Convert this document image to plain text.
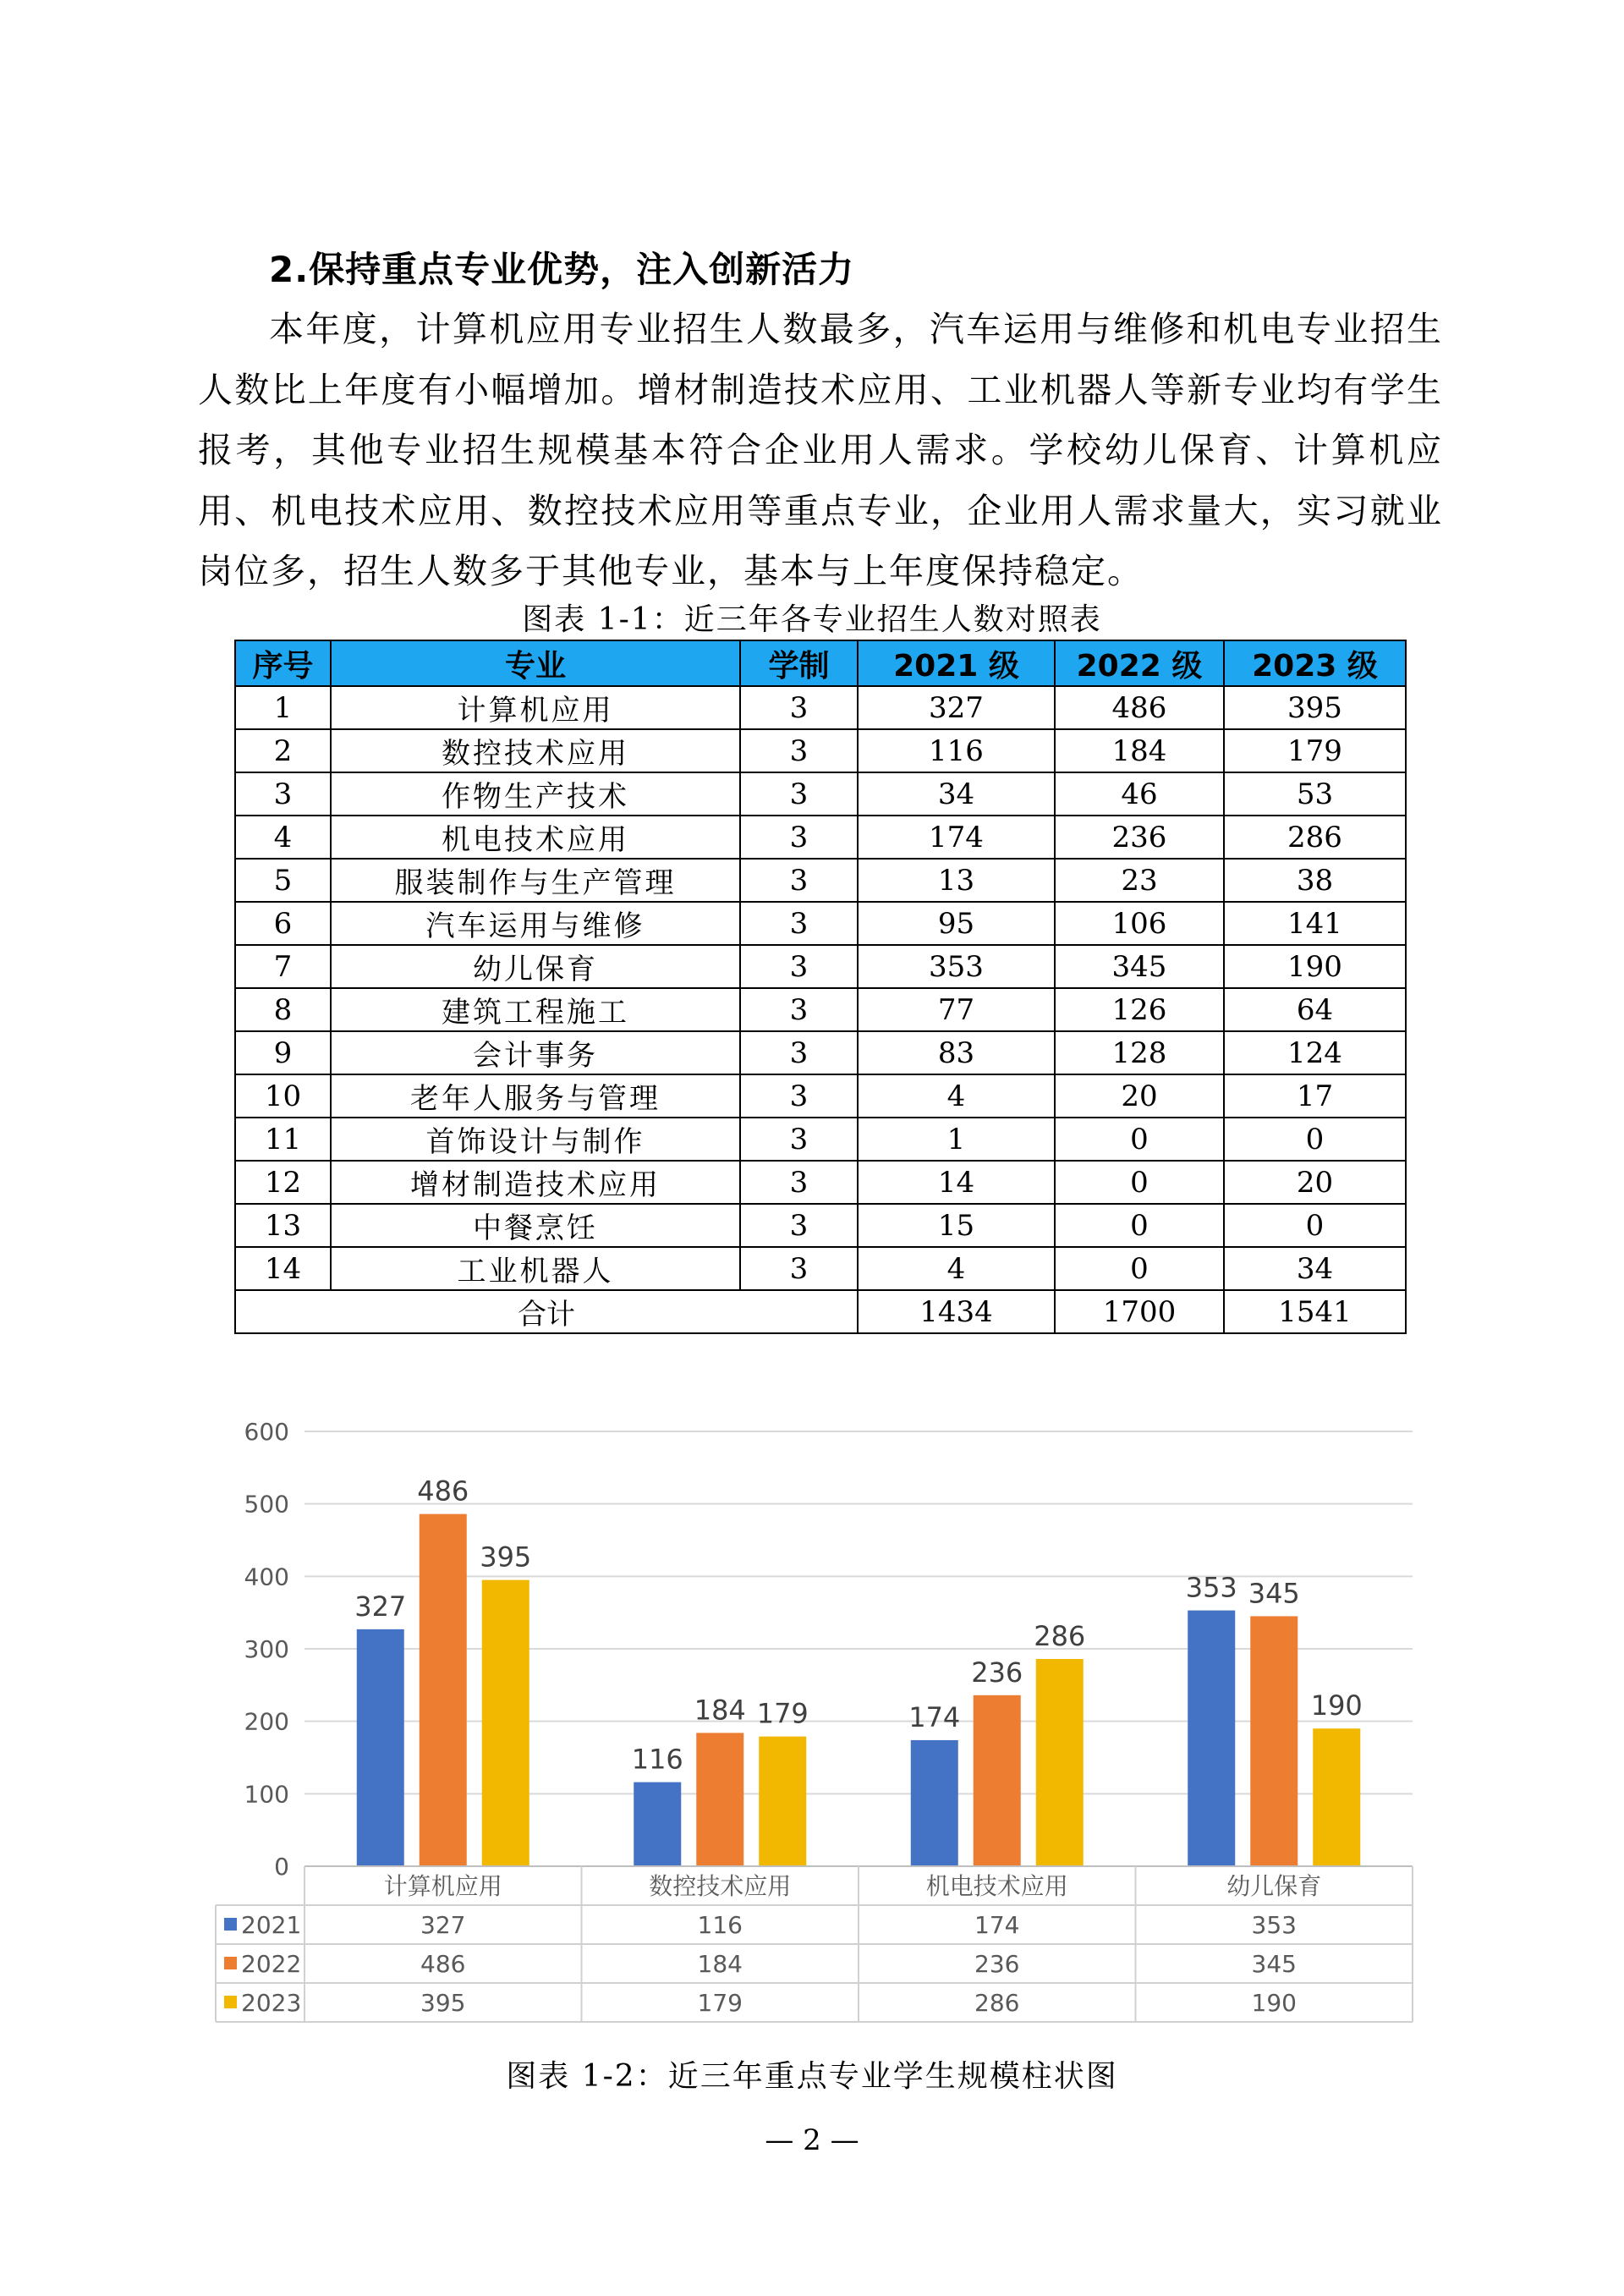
2.保持重点专业优势，注入创新活力

本年度，计算机应用专业招生人数最多，汽车运用与维修和机电专业招生人数比上年度有小幅增加。增材制造技术应用、工业机器人等新专业均有学生报考，其他专业招生规模基本符合企业用人需求。学校幼儿保育、计算机应用、机电技术应用、数控技术应用等重点专业，企业用人需求量大，实习就业岗位多，招生人数多于其他专业，基本与上年度保持稳定。

图表 1-1：近三年各专业招生人数对照表
序号	专业	学制	2021 级	2022 级	2023 级
1	计算机应用	3	327	486	395
2	数控技术应用	3	116	184	179
3	作物生产技术	3	34	46	53
4	机电技术应用	3	174	236	286
5	服装制作与生产管理	3	13	23	38
6	汽车运用与维修	3	95	106	141
7	幼儿保育	3	353	345	190
8	建筑工程施工	3	77	126	64
9	会计事务	3	83	128	124
10	老年人服务与管理	3	4	20	17
11	首饰设计与制作	3	1	0	0
12	增材制造技术应用	3	14	0	20
13	中餐烹饪	3	15	0	0
14	工业机器人	3	4	0	34
合计			1434	1700	1541
0
100
200
300
400
500
600
327
116
174
353
486
184
236
345
395
179
286
190
计算机应用	数控技术应用	机电技术应用	幼儿保育
2021	327	116	174	353
2022	486	184	236	345
2023	395	179	286	190
图表 1-2：近三年重点专业学生规模柱状图
— 2 —
